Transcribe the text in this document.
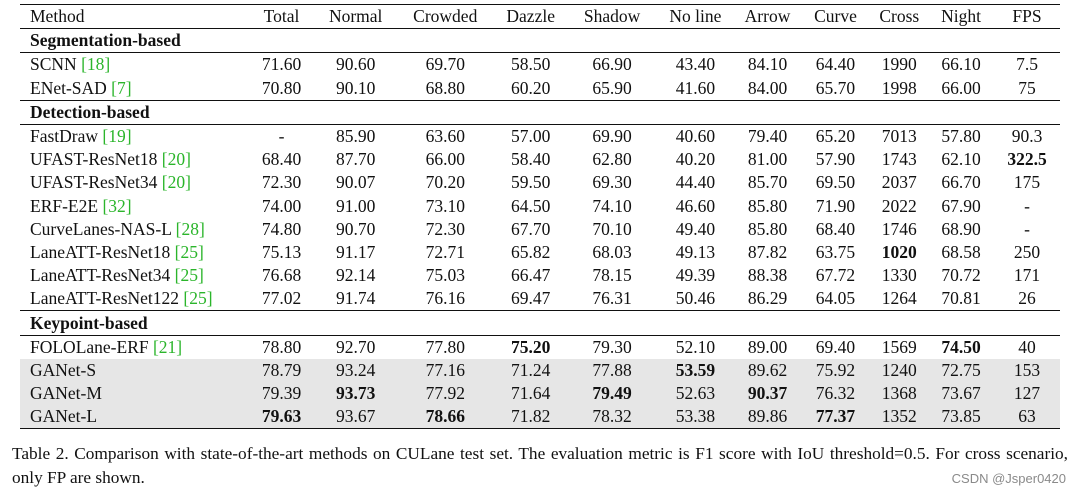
Method	Total	Normal	Crowded	Dazzle	Shadow	No line	Arrow	Curve	Cross	Night	FPS
Segmentation-based											
SCNN [18]	71.60	90.60	69.70	58.50	66.90	43.40	84.10	64.40	1990	66.10	7.5
ENet-SAD [7]	70.80	90.10	68.80	60.20	65.90	41.60	84.00	65.70	1998	66.00	75
Detection-based											
FastDraw [19]	-	85.90	63.60	57.00	69.90	40.60	79.40	65.20	7013	57.80	90.3
UFAST-ResNet18 [20]	68.40	87.70	66.00	58.40	62.80	40.20	81.00	57.90	1743	62.10	322.5
UFAST-ResNet34 [20]	72.30	90.07	70.20	59.50	69.30	44.40	85.70	69.50	2037	66.70	175
ERF-E2E [32]	74.00	91.00	73.10	64.50	74.10	46.60	85.80	71.90	2022	67.90	-
CurveLanes-NAS-L [28]	74.80	90.70	72.30	67.70	70.10	49.40	85.80	68.40	1746	68.90	-
LaneATT-ResNet18 [25]	75.13	91.17	72.71	65.82	68.03	49.13	87.82	63.75	1020	68.58	250
LaneATT-ResNet34 [25]	76.68	92.14	75.03	66.47	78.15	49.39	88.38	67.72	1330	70.72	171
LaneATT-ResNet122 [25]	77.02	91.74	76.16	69.47	76.31	50.46	86.29	64.05	1264	70.81	26
Keypoint-based											
FOLOLane-ERF [21]	78.80	92.70	77.80	75.20	79.30	52.10	89.00	69.40	1569	74.50	40
GANet-S	78.79	93.24	77.16	71.24	77.88	53.59	89.62	75.92	1240	72.75	153
GANet-M	79.39	93.73	77.92	71.64	79.49	52.63	90.37	76.32	1368	73.67	127
GANet-L	79.63	93.67	78.66	71.82	78.32	53.38	89.86	77.37	1352	73.85	63
Table 2. Comparison with state-of-the-art methods on CULane test set. The evaluation metric is F1 score with IoU threshold=0.5. For cross scenario, only FP are shown.	CSDN @Jsper0420
